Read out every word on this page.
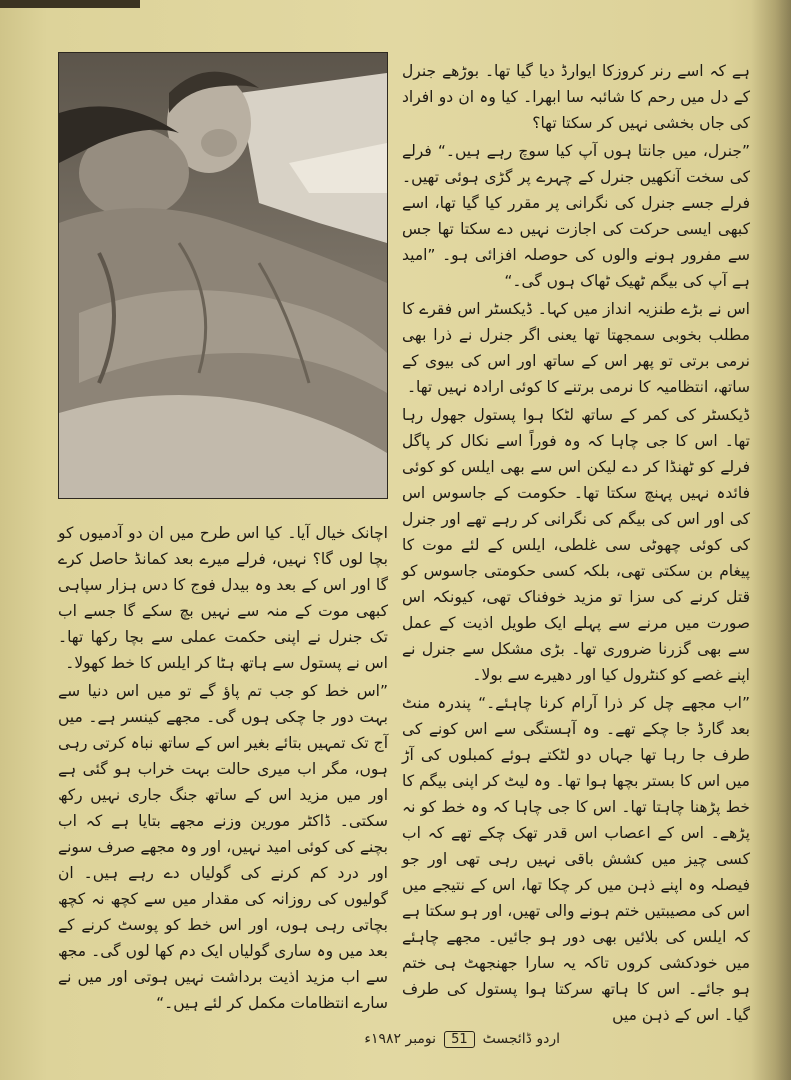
ہے کہ اسے رنر کروزکا ایوارڈ دیا گیا تھا۔ بوڑھے جنرل کے دل میں رحم کا شائبہ سا ابھرا۔ کیا وہ ان دو افراد کی جاں بخشی نہیں کر سکتا تھا؟

”جنرل، میں جانتا ہوں آپ کیا سوچ رہے ہیں۔“ فرلے کی سخت آنکھیں جنرل کے چہرے پر گڑی ہوئی تھیں۔ فرلے جسے جنرل کی نگرانی پر مقرر کیا گیا تھا، اسے کبھی ایسی حرکت کی اجازت نہیں دے سکتا تھا جس سے مفرور ہونے والوں کی حوصلہ افزائی ہو۔ ”امید ہے آپ کی بیگم ٹھیک ٹھاک ہوں گی۔“

اس نے بڑے طنزیہ انداز میں کہا۔ ڈیکسٹر اس فقرے کا مطلب بخوبی سمجھتا تھا یعنی اگر جنرل نے ذرا بھی نرمی برتی تو پھر اس کے ساتھ اور اس کی بیوی کے ساتھ، انتظامیہ کا نرمی برتنے کا کوئی ارادہ نہیں تھا۔

ڈیکسٹر کی کمر کے ساتھ لٹکا ہوا پستول جھول رہا تھا۔ اس کا جی چاہا کہ وہ فوراً اسے نکال کر پاگل فرلے کو ٹھنڈا کر دے لیکن اس سے بھی ایلس کو کوئی فائدہ نہیں پہنچ سکتا تھا۔ حکومت کے جاسوس اس کی اور اس کی بیگم کی نگرانی کر رہے تھے اور جنرل کی کوئی چھوٹی سی غلطی، ایلس کے لئے موت کا پیغام بن سکتی تھی، بلکہ کسی حکومتی جاسوس کو قتل کرنے کی سزا تو مزید خوفناک تھی، کیونکہ اس صورت میں مرنے سے پہلے ایک طویل اذیت کے عمل سے بھی گزرنا ضروری تھا۔ بڑی مشکل سے جنرل نے اپنے غصے کو کنٹرول کیا اور دھیرے سے بولا۔

”اب مجھے چل کر ذرا آرام کرنا چاہئے۔“ پندرہ منٹ بعد گارڈ جا چکے تھے۔ وہ آہستگی سے اس کونے کی طرف جا رہا تھا جہاں دو لٹکتے ہوئے کمبلوں کی آڑ میں اس کا بستر بچھا ہوا تھا۔ وہ لیٹ کر اپنی بیگم کا خط پڑھنا چاہتا تھا۔ اس کا جی چاہا کہ وہ خط کو نہ پڑھے۔ اس کے اعصاب اس قدر تھک چکے تھے کہ اب کسی چیز میں کشش باقی نہیں رہی تھی اور جو فیصلہ وہ اپنے ذہن میں کر چکا تھا، اس کے نتیجے میں اس کی مصیبتیں ختم ہونے والی تھیں، اور ہو سکتا ہے کہ ایلس کی بلائیں بھی دور ہو جائیں۔ مجھے چاہئے میں خودکشی کروں تاکہ یہ سارا جھنجھٹ ہی ختم ہو جائے۔ اس کا ہاتھ سرکتا ہوا پستول کی طرف گیا۔ اس کے ذہن میں

اچانک خیال آیا۔ کیا اس طرح میں ان دو آدمیوں کو بچا لوں گا؟ نہیں، فرلے میرے بعد کمانڈ حاصل کرے گا اور اس کے بعد وہ بیدل فوج کا دس ہزار سپاہی کبھی موت کے منہ سے نہیں بچ سکے گا جسے اب تک جنرل نے اپنی حکمت عملی سے بچا رکھا تھا۔ اس نے پستول سے ہاتھ ہٹا کر ایلس کا خط کھولا۔

”اس خط کو جب تم پاؤ گے تو میں اس دنیا سے بہت دور جا چکی ہوں گی۔ مجھے کینسر ہے۔ میں آج تک تمہیں بتائے بغیر اس کے ساتھ نباہ کرتی رہی ہوں، مگر اب میری حالت بہت خراب ہو گئی ہے اور میں مزید اس کے ساتھ جنگ جاری نہیں رکھ سکتی۔ ڈاکٹر مورین وزنے مجھے بتایا ہے کہ اب بچنے کی کوئی امید نہیں، اور وہ مجھے صرف سونے اور درد کم کرنے کی گولیاں دے رہے ہیں۔ ان گولیوں کی روزانہ کی مقدار میں سے کچھ نہ کچھ بچاتی رہی ہوں، اور اس خط کو پوسٹ کرنے کے بعد میں وہ ساری گولیاں ایک دم کھا لوں گی۔ مجھ سے اب مزید اذیت برداشت نہیں ہوتی اور میں نے سارے انتظامات مکمل کر لئے ہیں۔“

اردو ڈائجسٹ
51
نومبر ۱۹۸۲ء
